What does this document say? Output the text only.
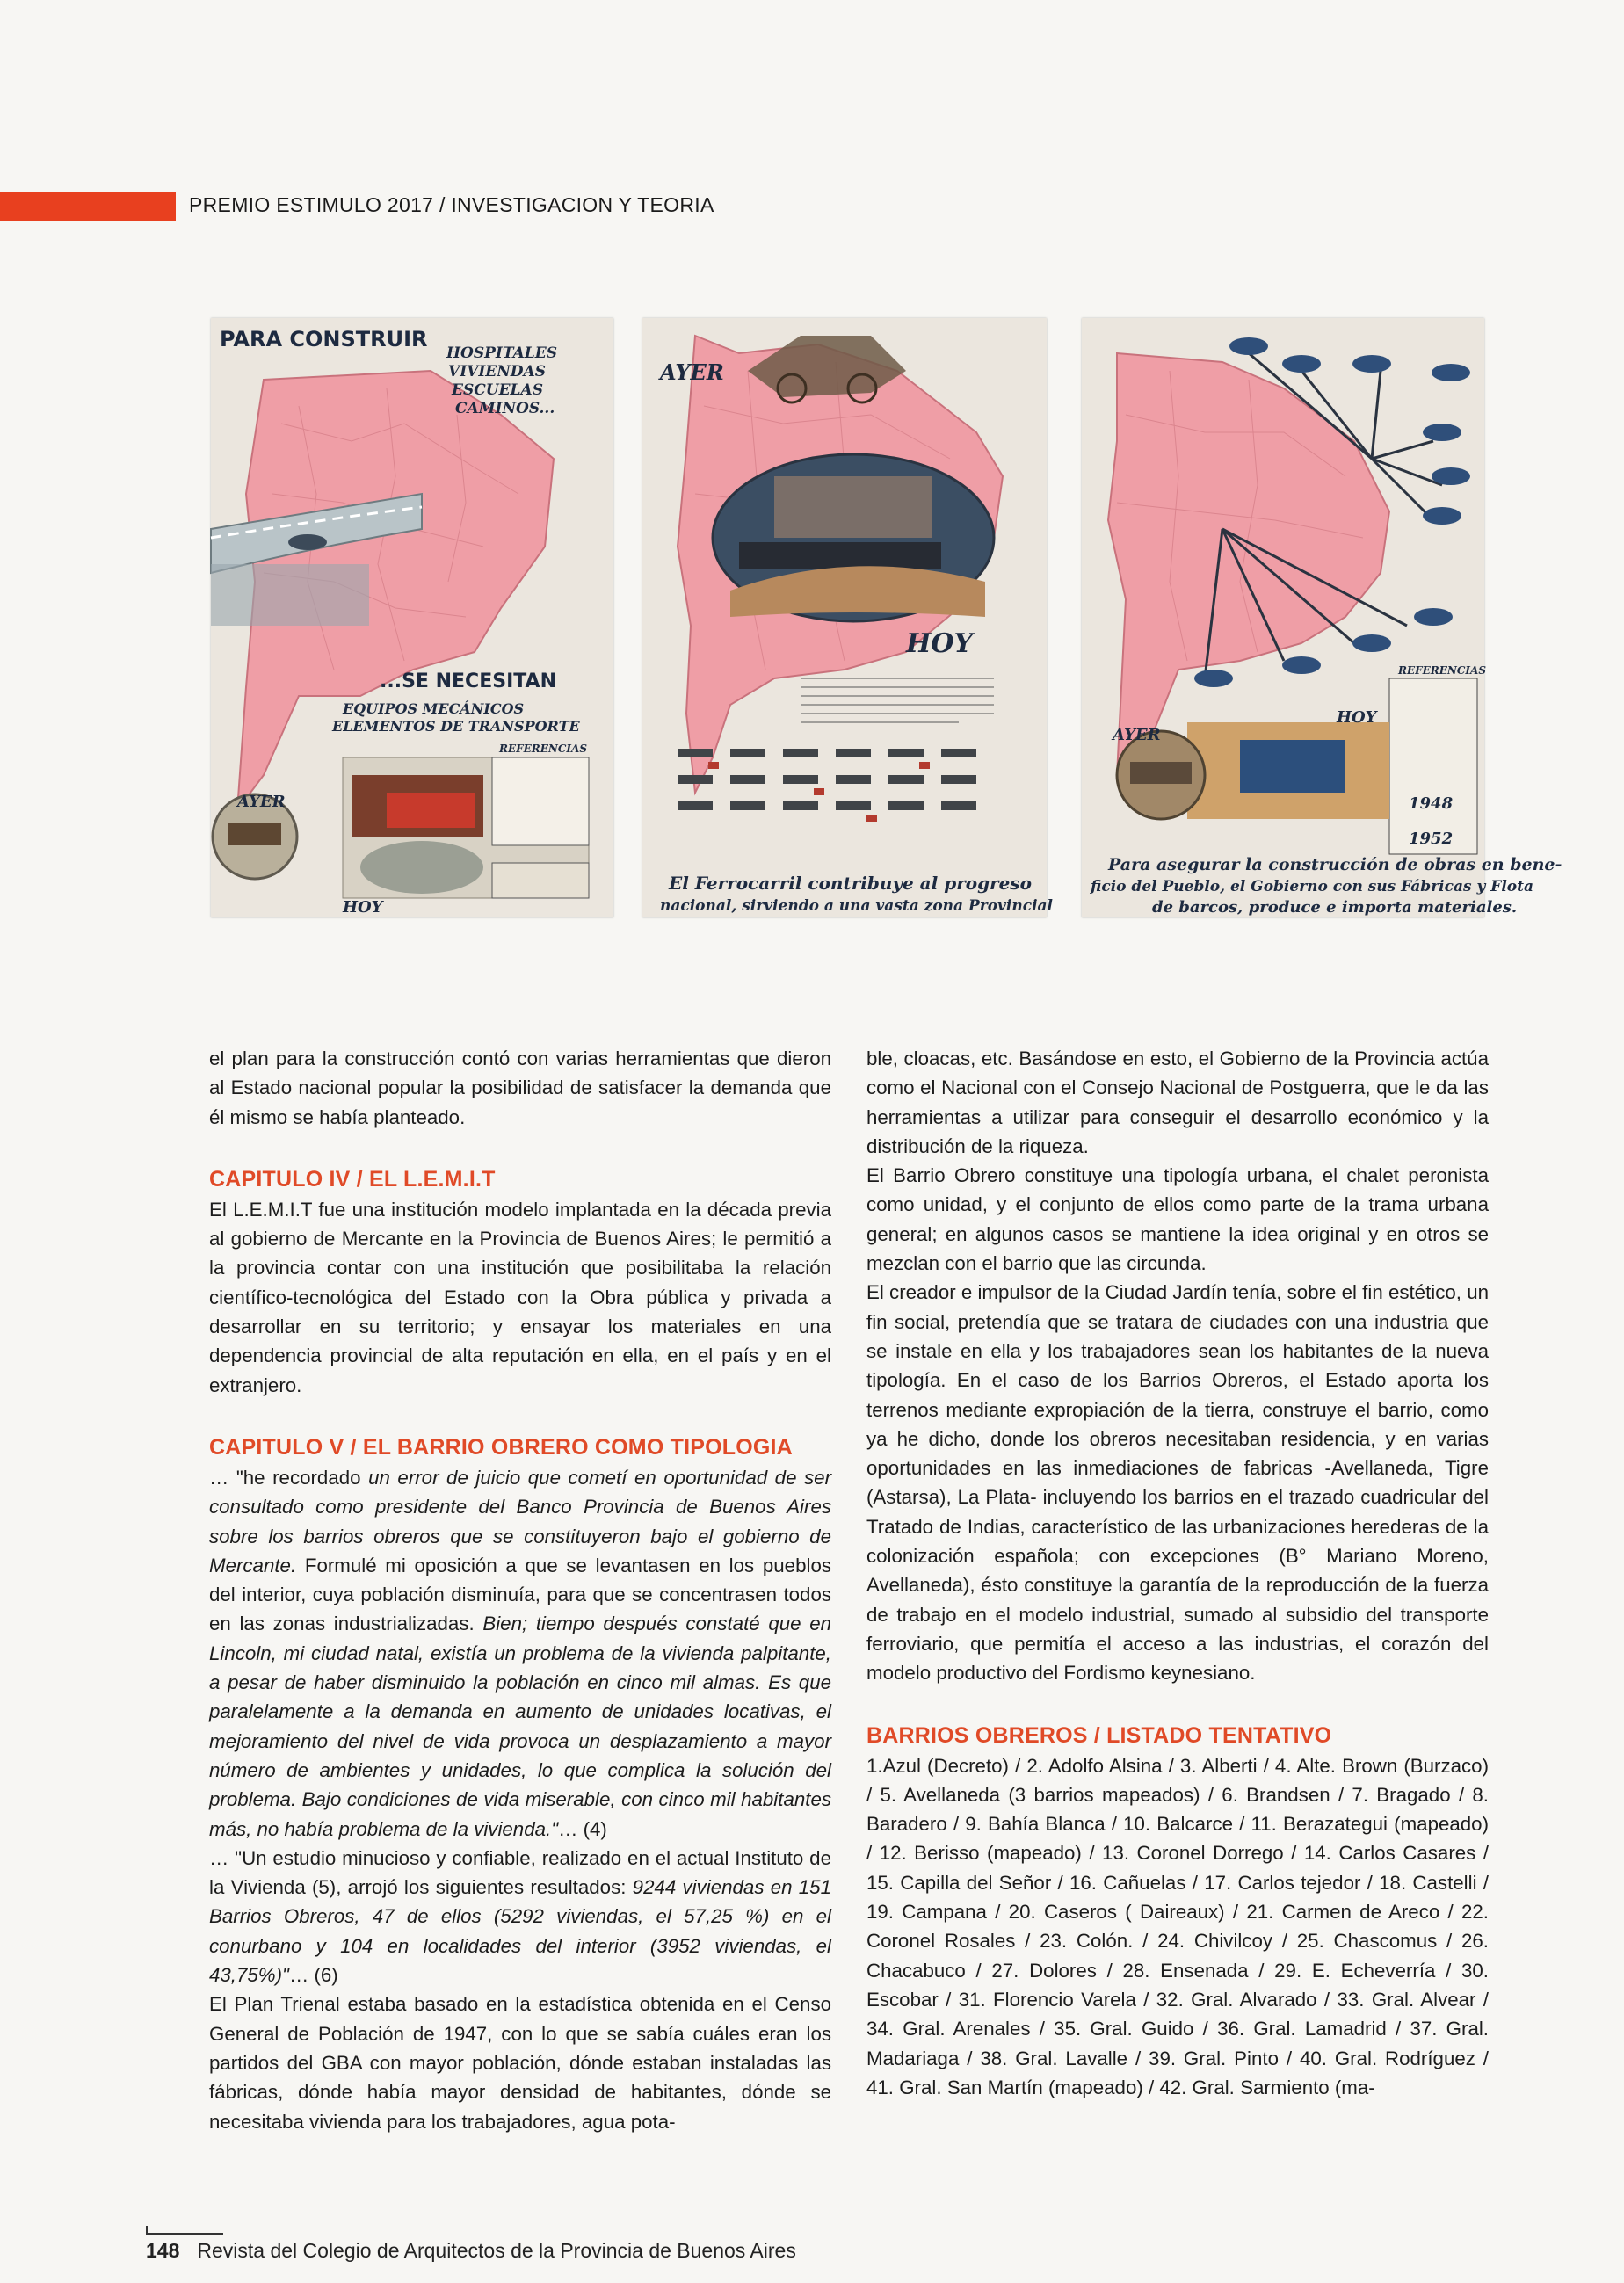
PREMIO ESTIMULO 2017 / INVESTIGACION Y TEORIA
PARA CONSTRUIR
HOSPITALES
VIVIENDAS
ESCUELAS
CAMINOS...
...SE NECESITAN
EQUIPOS MECÁNICOS
ELEMENTOS DE TRANSPORTE
REFERENCIAS
AYER
HOY
AYER
HOY
El Ferrocarril contribuye al progreso
nacional, sirviendo a una vasta zona Provincial
REFERENCIAS
1948
1952
AYER
HOY
Para asegurar la construcción de obras en bene-
ficio del Pueblo, el Gobierno con sus Fábricas y Flota
de barcos, produce e importa materiales.

el plan para la construcción contó con varias herramientas que dieron al Estado nacional popular la posibilidad de satisfacer la demanda que él mismo se había planteado.

CAPITULO IV / EL L.E.M.I.T

El L.E.M.I.T fue una institución modelo implantada en la década previa al gobierno de Mercante en la Provincia de Buenos Aires; le permitió a la provincia contar con una institución que posibilitaba la relación científico-tecnológica del Estado con la Obra pública y privada a desarrollar en su territorio; y ensayar los materiales en una dependencia provincial de alta reputación en ella, en el país y en el extranjero.

CAPITULO V / EL BARRIO OBRERO COMO TIPOLOGIA

… "he recordado un error de juicio que cometí en oportunidad de ser consultado como presidente del Banco Provincia de Buenos Aires sobre los barrios obreros que se constituyeron bajo el gobierno de Mercante. Formulé mi oposición a que se levantasen en los pueblos del interior, cuya población disminuía, para que se concentrasen todos en las zonas industrializadas. Bien; tiempo después constaté que en Lincoln, mi ciudad natal, existía un problema de la vivienda palpitante, a pesar de haber disminuido la población en cinco mil almas. Es que paralelamente a la demanda en aumento de unidades locativas, el mejoramiento del nivel de vida provoca un desplazamiento a mayor número de ambientes y unidades, lo que complica la solución del problema. Bajo condiciones de vida miserable, con cinco mil habitantes más, no había problema de la vivienda."… (4)

… "Un estudio minucioso y confiable, realizado en el actual Instituto de la Vivienda (5), arrojó los siguientes resultados: 9244 viviendas en 151 Barrios Obreros, 47 de ellos (5292 viviendas, el 57,25 %) en el conurbano y 104 en localidades del interior (3952 viviendas, el 43,75%)"… (6)

El Plan Trienal estaba basado en la estadística obtenida en el Censo General de Población de 1947, con lo que se sabía cuáles eran los partidos del GBA con mayor población, dónde estaban instaladas las fábricas, dónde había mayor densidad de habitantes, dónde se necesitaba vivienda para los trabajadores, agua pota-

ble, cloacas, etc. Basándose en esto, el Gobierno de la Provincia actúa como el Nacional con el Consejo Nacional de Postguerra, que le da las herramientas a utilizar para conseguir el desarrollo económico y la distribución de la riqueza.

El Barrio Obrero constituye una tipología urbana, el chalet peronista como unidad, y el conjunto de ellos como parte de la trama urbana general; en algunos casos se mantiene la idea original y en otros se mezclan con el barrio que las circunda.

El creador e impulsor de la Ciudad Jardín tenía, sobre el fin estético, un fin social, pretendía que se tratara de ciudades con una industria que se instale en ella y los trabajadores sean los habitantes de la nueva tipología. En el caso de los Barrios Obreros, el Estado aporta los terrenos mediante expropiación de la tierra, construye el barrio, como ya he dicho, donde los obreros necesitaban residencia, y en varias oportunidades en las inmediaciones de fabricas -Avellaneda, Tigre (Astarsa), La Plata- incluyendo los barrios en el trazado cuadricular del Tratado de Indias, característico de las urbanizaciones herederas de la colonización española; con excepciones (B° Mariano Moreno, Avellaneda), ésto constituye la garantía de la reproducción de la fuerza de trabajo en el modelo industrial, sumado al subsidio del transporte ferroviario, que permitía el acceso a las industrias, el corazón del modelo productivo del Fordismo keynesiano.

BARRIOS OBREROS / LISTADO TENTATIVO

1.Azul (Decreto) / 2. Adolfo Alsina / 3. Alberti / 4. Alte. Brown (Burzaco) / 5. Avellaneda (3 barrios mapeados) / 6. Brandsen / 7. Bragado / 8. Baradero / 9. Bahía Blanca / 10. Balcarce / 11. Berazategui (mapeado) / 12. Berisso (mapeado) / 13. Coronel Dorrego / 14. Carlos Casares / 15. Capilla del Señor / 16. Cañuelas / 17. Carlos tejedor / 18. Castelli / 19. Campana / 20. Caseros ( Daireaux) / 21. Carmen de Areco / 22. Coronel Rosales / 23. Colón. / 24. Chivilcoy / 25. Chascomus / 26. Chacabuco / 27. Dolores / 28. Ensenada / 29. E. Echeverría / 30. Escobar / 31. Florencio Varela / 32. Gral. Alvarado / 33. Gral. Alvear / 34. Gral. Arenales / 35. Gral. Guido / 36. Gral. Lamadrid / 37. Gral. Madariaga / 38. Gral. Lavalle / 39. Gral. Pinto / 40. Gral. Rodríguez / 41. Gral. San Martín (mapeado) / 42. Gral. Sarmiento (ma-

148 Revista del Colegio de Arquitectos de la Provincia de Buenos Aires
